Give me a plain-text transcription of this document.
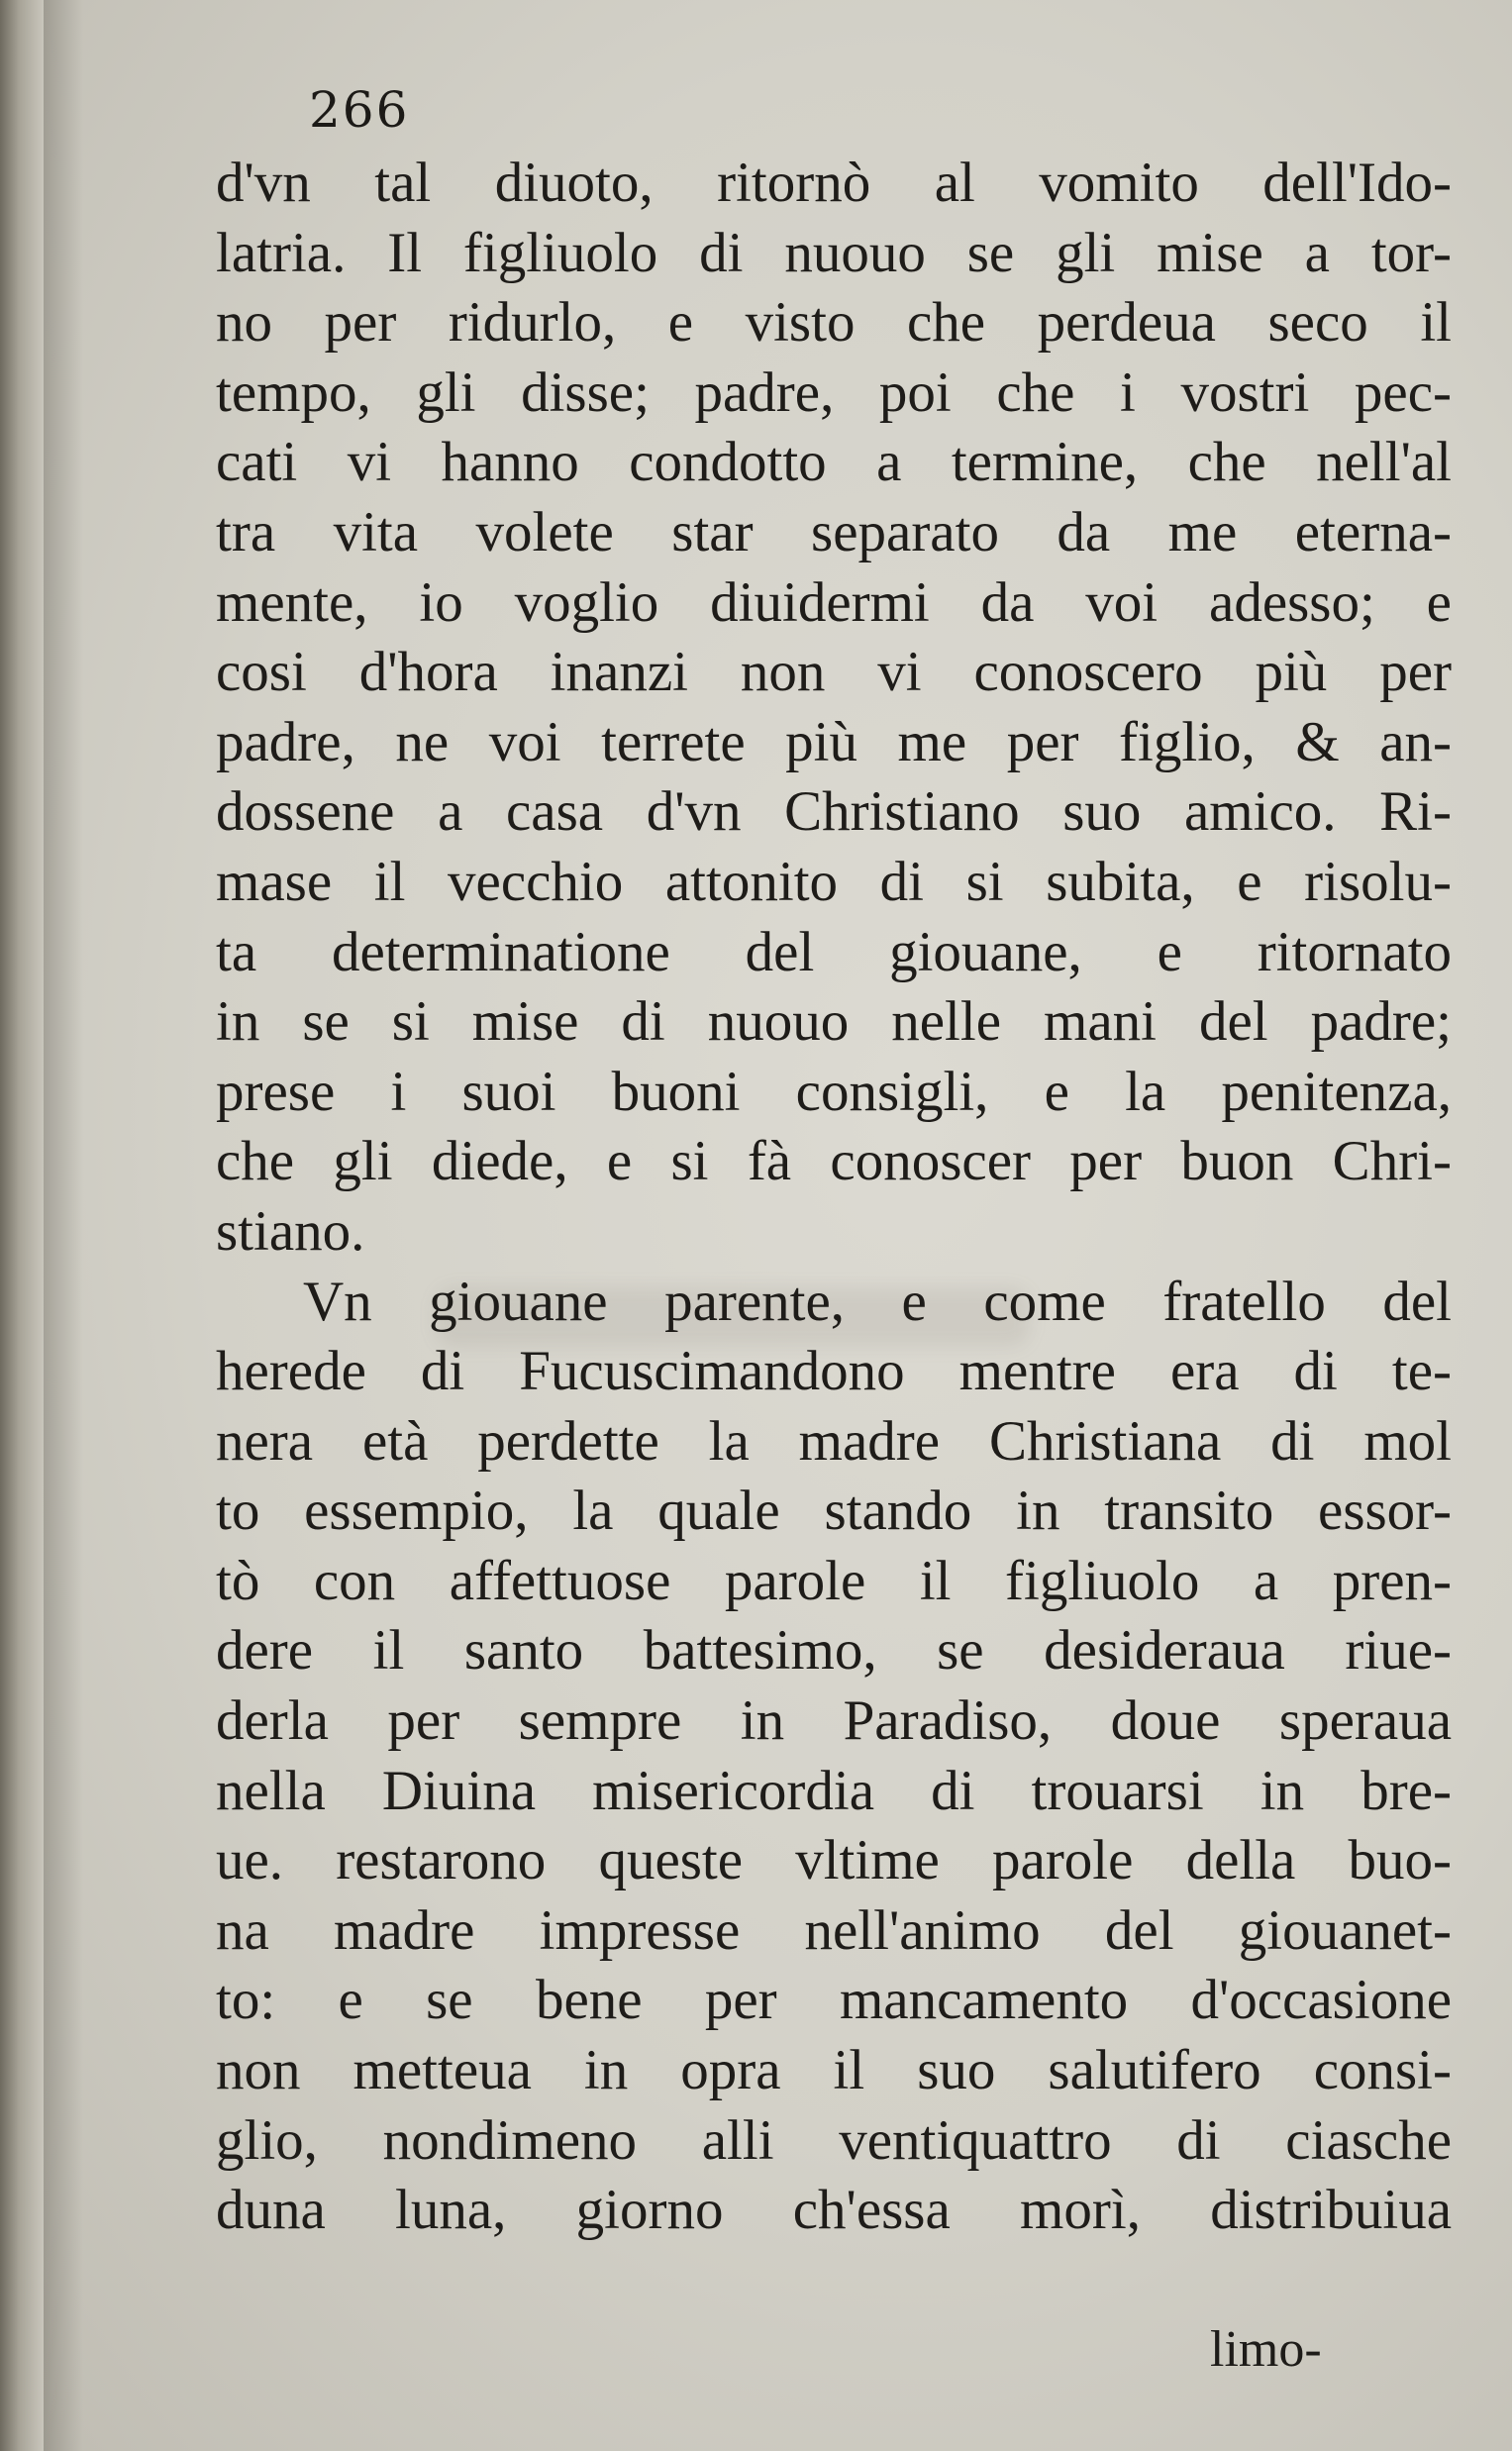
266
d'vn tal diuoto, ritornò al vomito dell'Ido-
latria. Il figliuolo di nuouo se gli mise a tor-
no per ridurlo, e visto che perdeua seco il
tempo, gli disse; padre, poi che i vostri pec-
cati vi hanno condotto a termine, che nell'al
tra vita volete star separato da me eterna-
mente, io voglio diuidermi da voi adesso; e
cosi d'hora inanzi non vi conoscero più per
padre, ne voi terrete più me per figlio, & an-
dossene a casa d'vn Christiano suo amico. Ri-
mase il vecchio attonito di si subita, e risolu-
ta determinatione del giouane, e ritornato
in se si mise di nuouo nelle mani del padre;
prese i suoi buoni consigli, e la penitenza,
che gli diede, e si fà conoscer per buon Chri-
stiano.
Vn giouane parente, e come fratello del
herede di Fucuscimandono mentre era di te-
nera età perdette la madre Christiana di mol
to essempio, la quale stando in transito essor-
tò con affettuose parole il figliuolo a pren-
dere il santo battesimo, se desideraua riue-
derla per sempre in Paradiso, doue speraua
nella Diuina misericordia di trouarsi in bre-
ue. restarono queste vltime parole della buo-
na madre impresse nell'animo del giouanet-
to: e se bene per mancamento d'occasione
non metteua in opra il suo salutifero consi-
glio, nondimeno alli ventiquattro di ciasche
duna luna, giorno ch'essa morì, distribuiua
limo-
